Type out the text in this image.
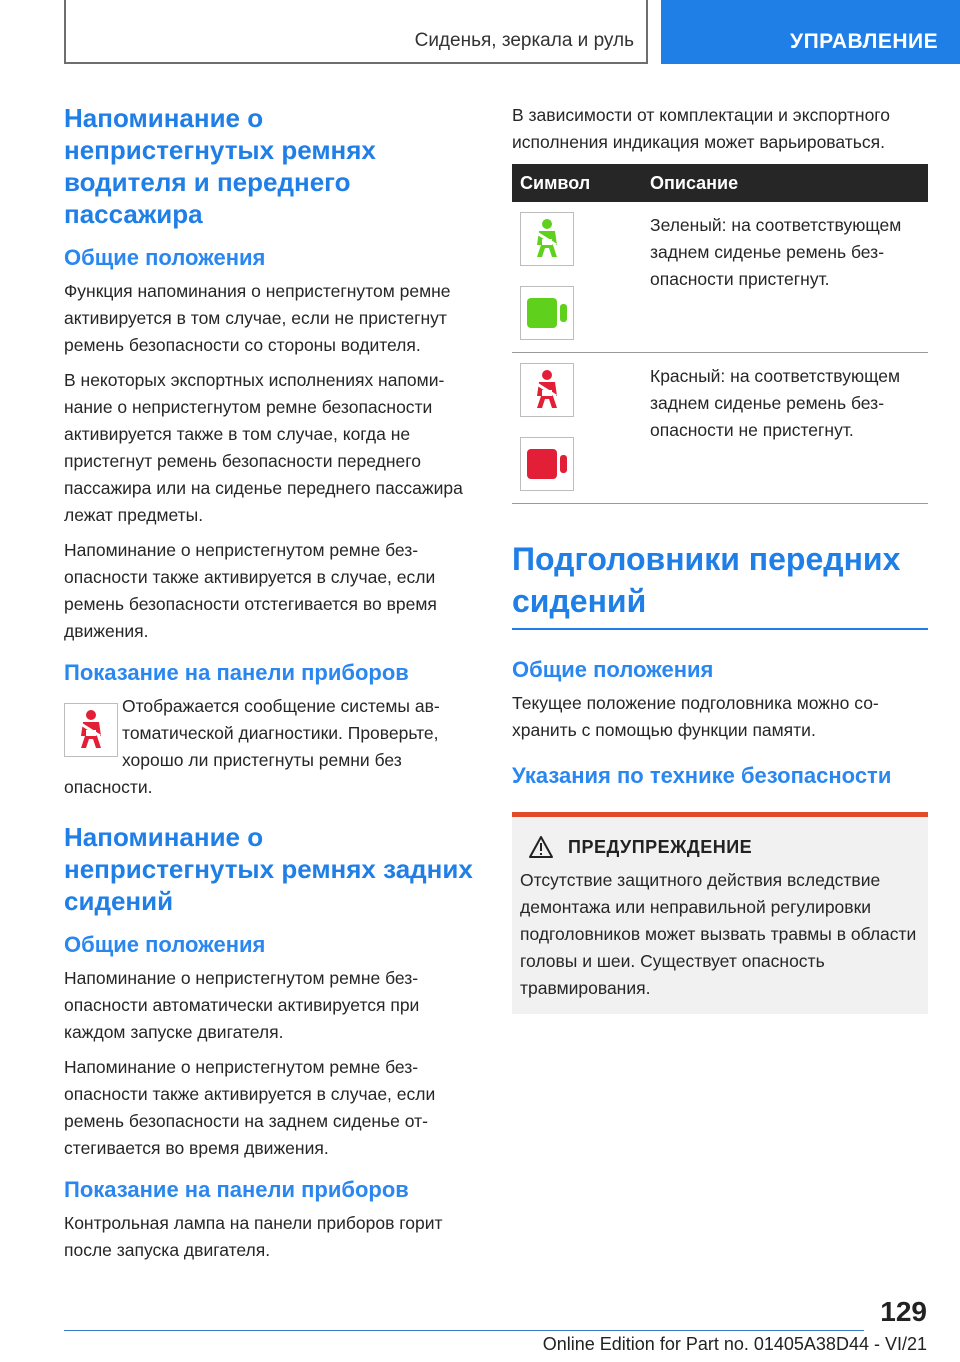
Сиденья, зеркала и руль	УПРАВЛЕНИЕ
Напоминание о непристегнутых ремнях водителя и переднего пассажира
Общие положения

Функция напоминания о непристегнутом ремне активируется в том случае, если не пристегнут ремень безопасности со стороны водителя.

В некоторых экспортных исполнениях напоминание о непристегнутом ремне безопасности активируется также в том случае, когда не пристегнут ремень безопасности переднего пассажира или на сиденье переднего пассажира лежат предметы.

Напоминание о непристегнутом ремне безопасности также активируется в случае, если ремень безопасности отстегивается во время движения.

Показание на панели приборов

Отображается сообщение системы автоматической диагностики. Проверьте, хорошо ли пристегнуты ремни без

опасности.

Напоминание о непристегнутых ремнях задних сидений
Общие положения

Напоминание о непристегнутом ремне безопасности автоматически активируется при каждом запуске двигателя.

Напоминание о непристегнутом ремне безопасности также активируется в случае, если ремень безопасности на заднем сиденье отстегивается во время движения.

Показание на панели приборов

Контрольная лампа на панели приборов горит после запуска двигателя.

В зависимости от комплектации и экспортного исполнения индикация может варьироваться.

Символ	Описание

Зеленый: на соответствующем заднем сиденье ремень безопасности пристегнут.

Красный: на соответствующем заднем сиденье ремень безопасности не пристегнут.

Подголовники передних сидений
Общие положения

Текущее положение подголовника можно сохранить с помощью функции памяти.

Указания по технике безопасности
ПРЕДУПРЕЖДЕНИЕ

Отсутствие защитного действия вследствие демонтажа или неправильной регулировки подголовников может вызвать травмы в области головы и шеи. Существует опасность травмирования.

129
Online Edition for Part no. 01405A38D44 - VI/21
